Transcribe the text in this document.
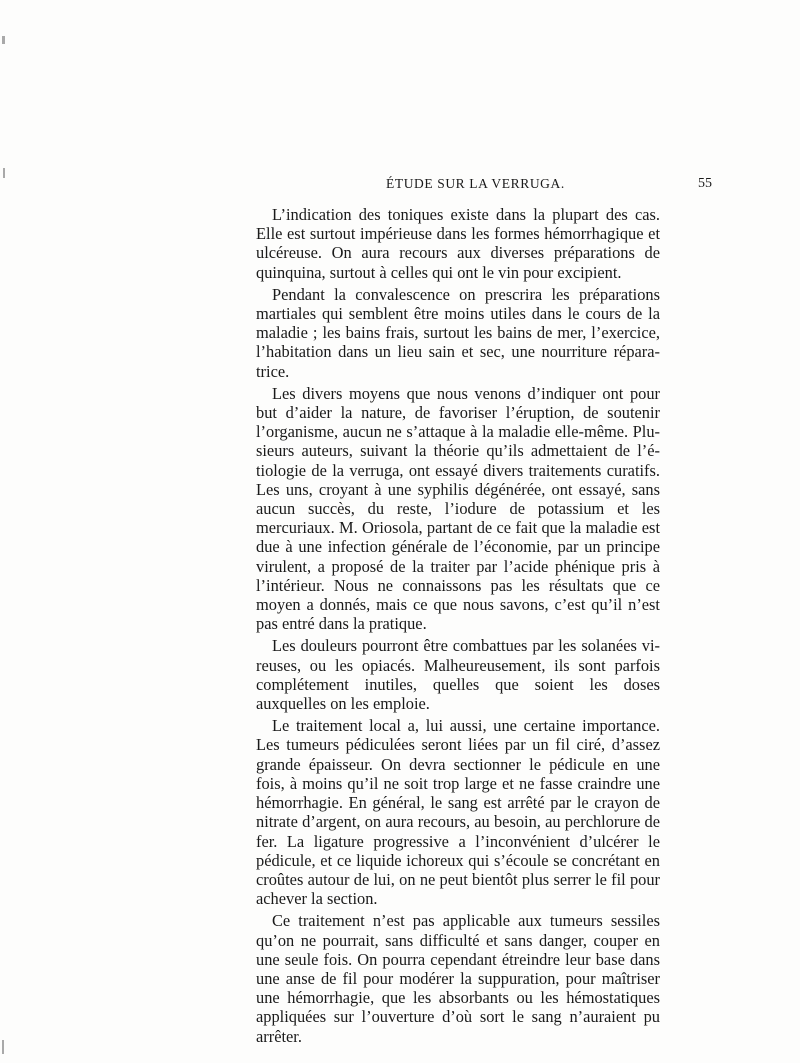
ÉTUDE SUR LA VERRUGA.	55

L’indication des toniques existe dans la plupart des cas. Elle est surtout impérieuse dans les formes hémorrhagique et ulcéreuse. On aura recours aux diverses préparations de quinquina, surtout à celles qui ont le vin pour excipient.

Pendant la convalescence on prescrira les préparations martiales qui semblent être moins utiles dans le cours de la maladie ; les bains frais, surtout les bains de mer, l’exercice, l’habitation dans un lieu sain et sec, une nourriture réparatrice.

Les divers moyens que nous venons d’indiquer ont pour but d’aider la nature, de favoriser l’éruption, de soutenir l’organisme, aucun ne s’attaque à la maladie elle-même. Plusieurs auteurs, suivant la théorie qu’ils admettaient de l’étiologie de la verruga, ont essayé divers traitements curatifs. Les uns, croyant à une syphilis dégénérée, ont essayé, sans aucun succès, du reste, l’iodure de potassium et les mercuriaux. M. Oriosola, partant de ce fait que la maladie est due à une infection générale de l’économie, par un principe virulent, a proposé de la traiter par l’acide phénique pris à l’intérieur. Nous ne connaissons pas les résultats que ce moyen a donnés, mais ce que nous savons, c’est qu’il n’est pas entré dans la pratique.

Les douleurs pourront être combattues par les solanées vireuses, ou les opiacés. Malheureusement, ils sont parfois complétement inutiles, quelles que soient les doses auxquelles on les emploie.

Le traitement local a, lui aussi, une certaine importance. Les tumeurs pédiculées seront liées par un fil ciré, d’assez grande épaisseur. On devra sectionner le pédicule en une fois, à moins qu’il ne soit trop large et ne fasse craindre une hémorrhagie. En général, le sang est arrêté par le crayon de nitrate d’argent, on aura recours, au besoin, au perchlorure de fer. La ligature progressive a l’inconvénient d’ulcérer le pédicule, et ce liquide ichoreux qui s’écoule se concrétant en croûtes autour de lui, on ne peut bientôt plus serrer le fil pour achever la section.

Ce traitement n’est pas applicable aux tumeurs sessiles qu’on ne pourrait, sans difficulté et sans danger, couper en une seule fois. On pourra cependant étreindre leur base dans une anse de fil pour modérer la suppuration, pour maîtriser une hémorrhagie, que les absorbants ou les hémostatiques appliquées sur l’ouverture d’où sort le sang n’auraient pu arrêter.
